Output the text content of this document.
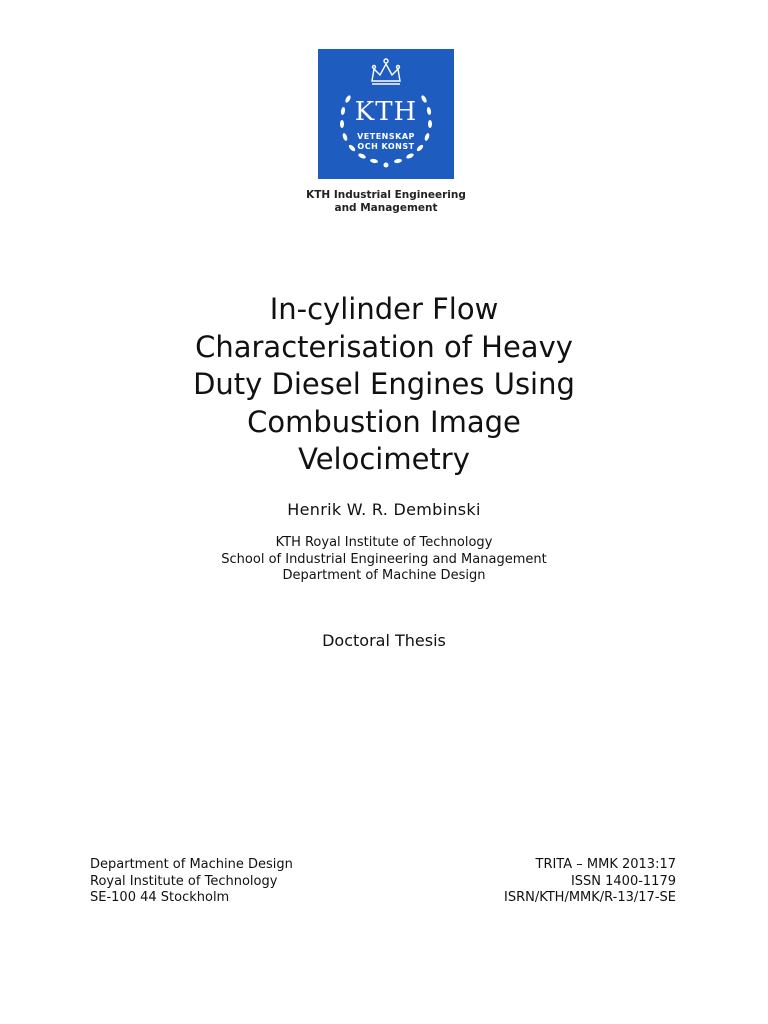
KTH
VETENSKAP
OCH KONST
KTH Industrial Engineering
and Management
In-cylinder Flow
Characterisation of Heavy
Duty Diesel Engines Using
Combustion Image
Velocimetry
Henrik W. R. Dembinski
KTH Royal Institute of Technology
School of Industrial Engineering and Management
Department of Machine Design
Doctoral Thesis
Department of Machine Design
Royal Institute of Technology
SE-100 44 Stockholm
TRITA – MMK 2013:17
ISSN 1400-1179
ISRN/KTH/MMK/R-13/17-SE
